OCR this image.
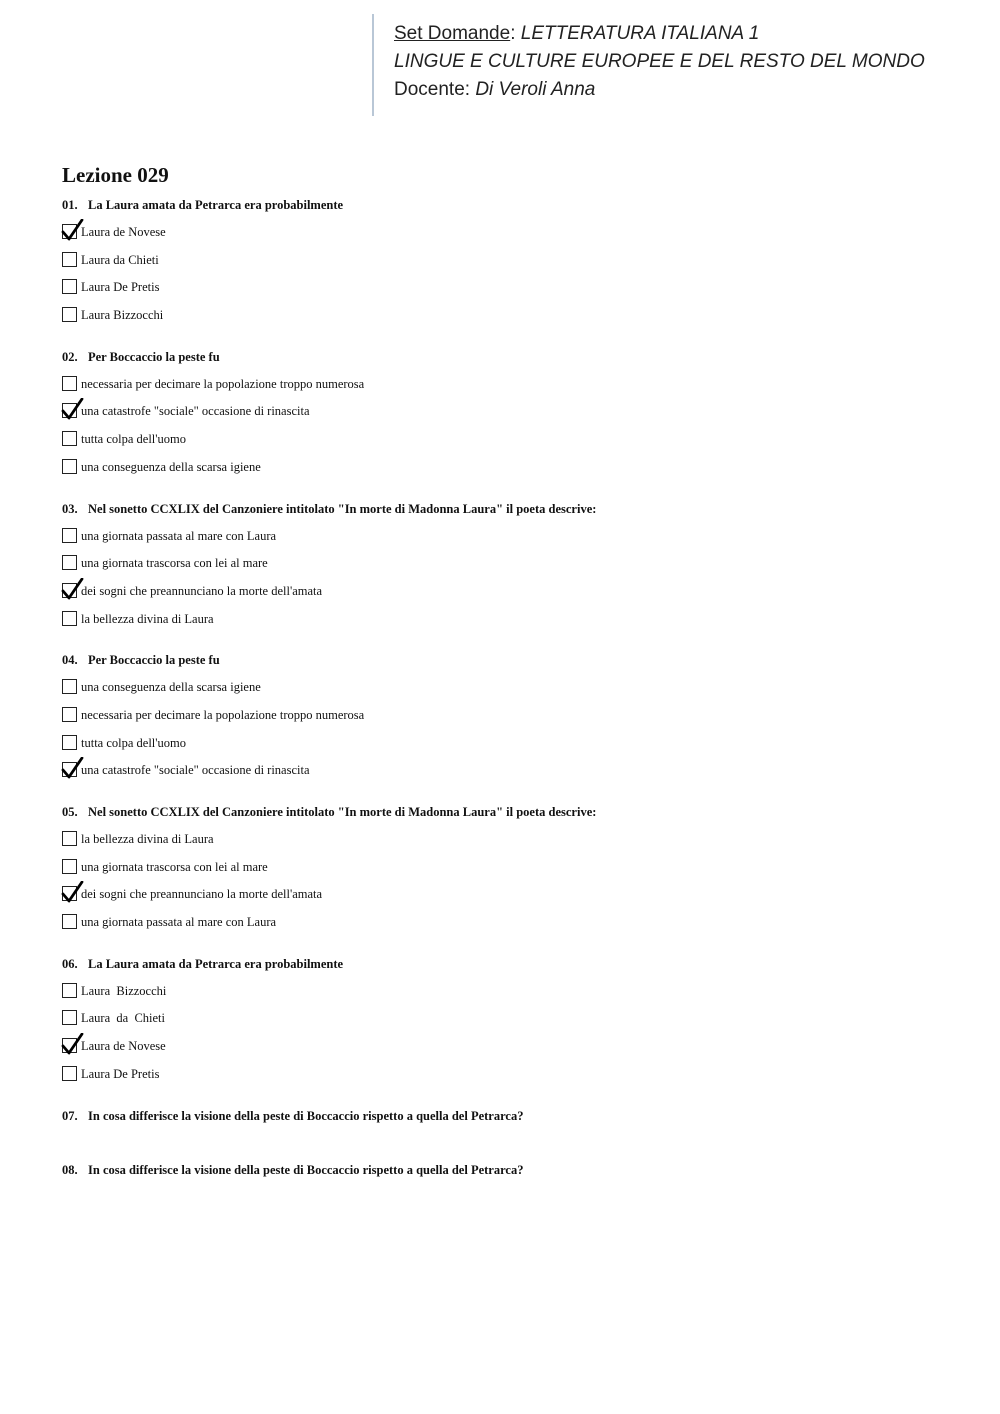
Set Domande: LETTERATURA ITALIANA 1
LINGUE E CULTURE EUROPEE E DEL RESTO DEL MONDO
Docente: Di Veroli Anna
Lezione 029
01. La Laura amata da Petrarca era probabilmente
Laura de Novese
Laura da Chieti
Laura De Pretis
Laura Bizzocchi
02. Per Boccaccio la peste fu
necessaria per decimare la popolazione troppo numerosa
una catastrofe "sociale" occasione di rinascita
tutta colpa dell'uomo
una conseguenza della scarsa igiene
03. Nel sonetto CCXLIX del Canzoniere intitolato "In morte di Madonna Laura" il poeta descrive:
una giornata passata al mare con Laura
una giornata trascorsa con lei al mare
dei sogni che preannunciano la morte dell'amata
la bellezza divina di Laura
04. Per Boccaccio la peste fu
una conseguenza della scarsa igiene
necessaria per decimare la popolazione troppo numerosa
tutta colpa dell'uomo
una catastrofe "sociale" occasione di rinascita
05. Nel sonetto CCXLIX del Canzoniere intitolato "In morte di Madonna Laura" il poeta descrive:
la bellezza divina di Laura
una giornata trascorsa con lei al mare
dei sogni che preannunciano la morte dell'amata
una giornata passata al mare con Laura
06. La Laura amata da Petrarca era probabilmente
Laura  Bizzocchi
Laura  da  Chieti
Laura de Novese
Laura De Pretis
07. In cosa differisce la visione della peste di Boccaccio rispetto a quella del Petrarca?
08. In cosa differisce la visione della peste di Boccaccio rispetto a quella del Petrarca?
